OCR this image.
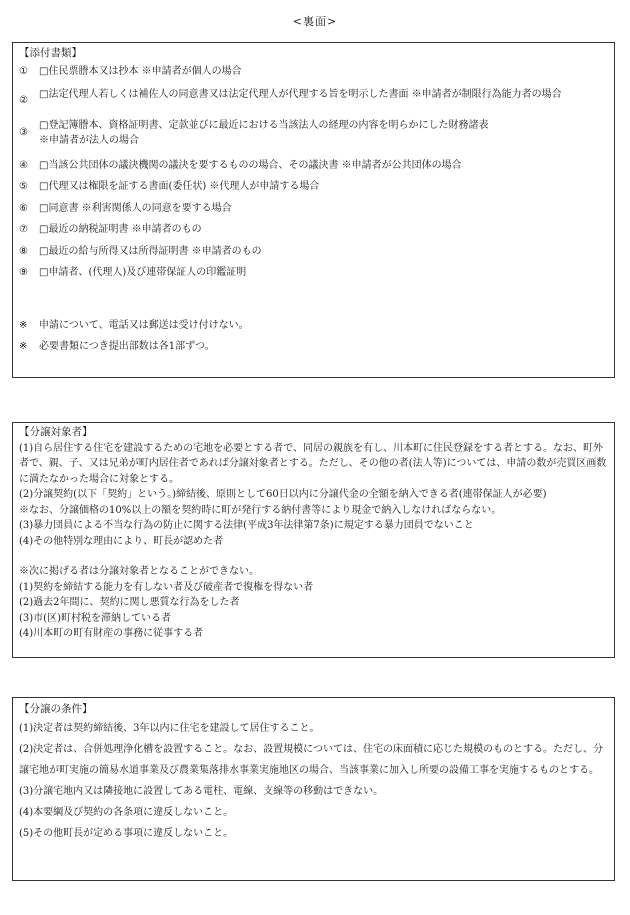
<裏面>
【添付書類】
①	□住民票謄本又は抄本 ※申請者が個人の場合
②
□法定代理人若しくは補佐人の同意書又は法定代理人が代理する旨を明示した書面 ※申請者が制限行為能力者の場合
③
□登記簿謄本、資格証明書、定款並びに最近における当該法人の経理の内容を明らかにした財務諸表
※申請者が法人の場合
④	□当該公共団体の議決機関の議決を要するものの場合、その議決書 ※申請者が公共団体の場合
⑤	□代理又は権限を証する書面(委任状) ※代理人が申請する場合
⑥	□同意書 ※利害関係人の同意を要する場合
⑦	□最近の納税証明書 ※申請者のもの
⑧	□最近の給与所得又は所得証明書 ※申請者のもの
⑨	□申請者、(代理人)及び連帯保証人の印鑑証明
※	申請について、電話又は郵送は受け付けない。
※	必要書類につき提出部数は各1部ずつ。
【分譲対象者】

(1)自ら居住する住宅を建設するための宅地を必要とする者で、同居の親族を有し、川本町に住民登録をする者とする。なお、町外者で、親、子、又は兄弟が町内居住者であれば分譲対象者とする。ただし、その他の者(法人等)については、申請の数が売買区画数に満たなかった場合に対象とする。

(2)分譲契約(以下「契約」という。)締結後、原則として60日以内に分譲代金の全額を納入できる者(連帯保証人が必要)

※なお、分譲価格の10%以上の額を契約時に町が発行する納付書等により現金で納入しなければならない。

(3)暴力団員による不当な行為の防止に関する法律(平成3年法律第7条)に規定する暴力団員でないこと

(4)その他特別な理由により、町長が認めた者

※次に掲げる者は分譲対象者となることができない。

(1)契約を締結する能力を有しない者及び破産者で復権を得ない者

(2)過去2年間に、契約に関し悪質な行為をした者

(3)市(区)町村税を滞納している者

(4)川本町の町有財産の事務に従事する者

【分譲の条件】

(1)決定者は契約締結後、3年以内に住宅を建設して居住すること。

(2)決定者は、合併処理浄化槽を設置すること。なお、設置規模については、住宅の床面積に応じた規模のものとする。ただし、分譲宅地が町実施の簡易水道事業及び農業集落排水事業実施地区の場合、当該事業に加入し所要の設備工事を実施するものとする。

(3)分譲宅地内又は隣接地に設置してある電柱、電線、支線等の移動はできない。

(4)本要綱及び契約の各条項に違反しないこと。

(5)その他町長が定める事項に違反しないこと。
